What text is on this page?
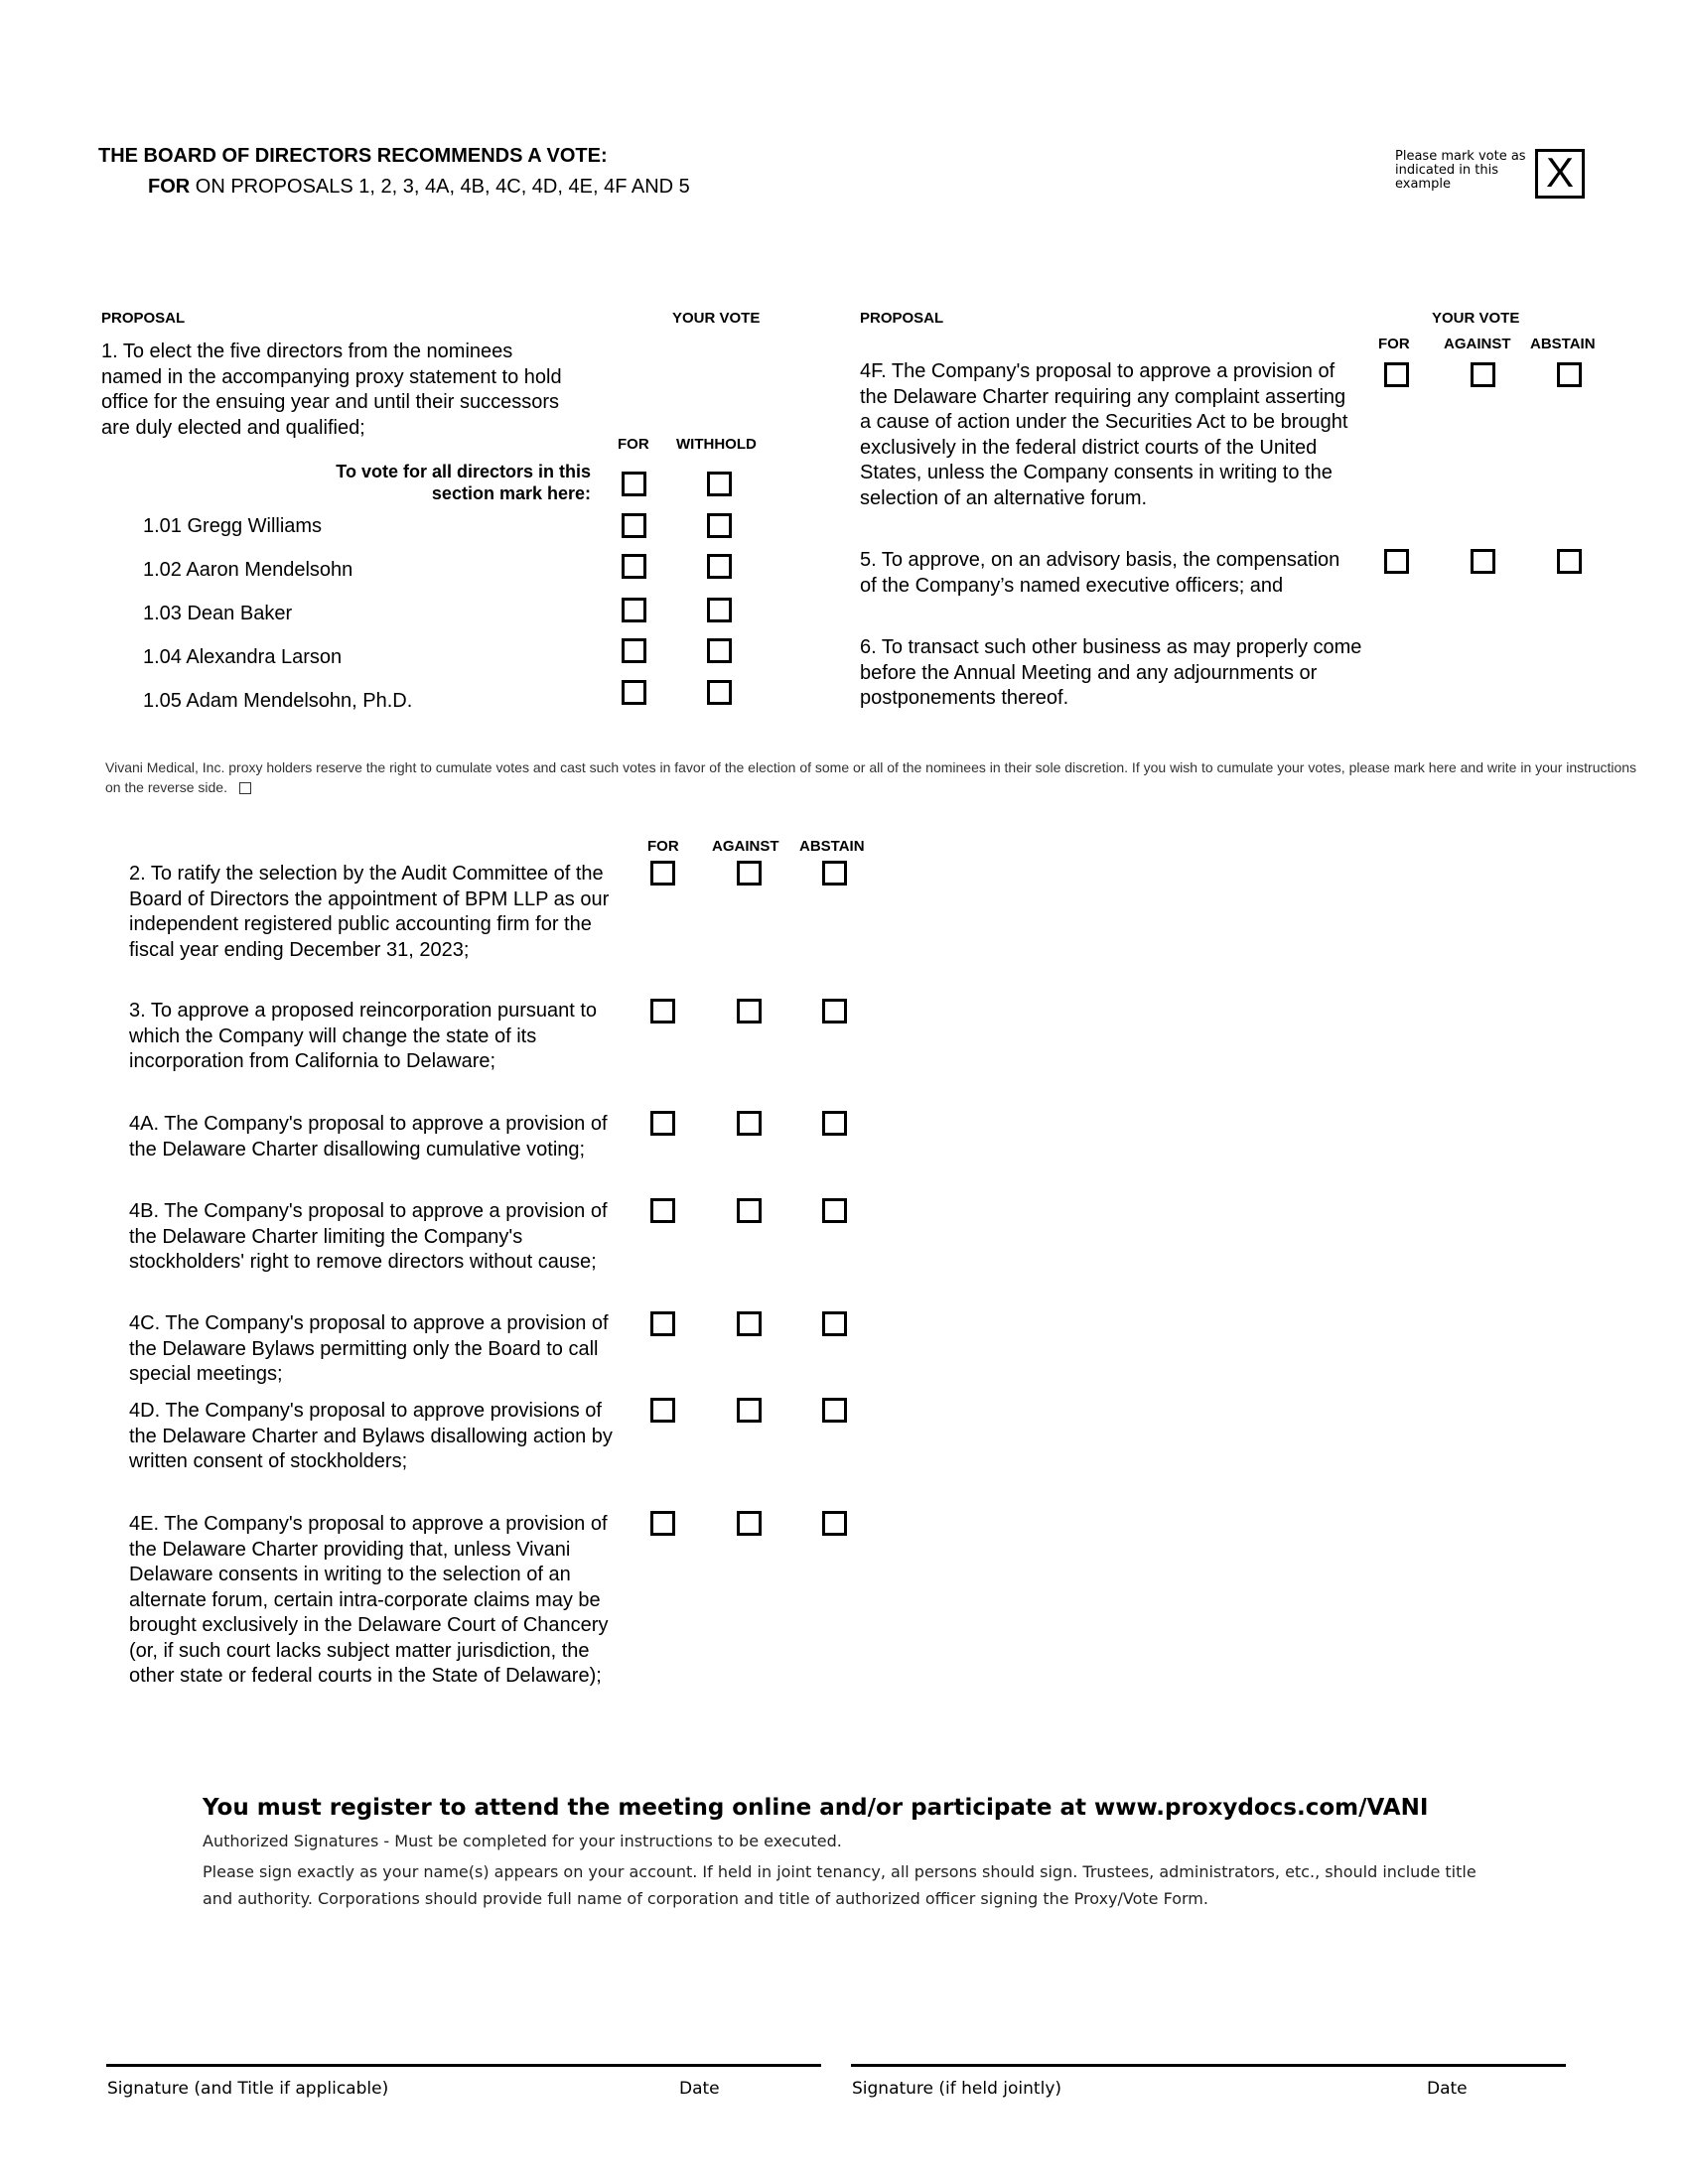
THE BOARD OF DIRECTORS RECOMMENDS A VOTE:
FOR ON PROPOSALS 1, 2, 3, 4A, 4B, 4C, 4D, 4E, 4F AND 5
Please mark vote as indicated in this example	X
PROPOSAL	YOUR VOTE
1. To elect the five directors from the nominees named in the accompanying proxy statement to hold office for the ensuing year and until their successors are duly elected and qualified;
FOR WITHHOLD
To vote for all directors in this section mark here:
1.01 Gregg Williams
1.02 Aaron Mendelsohn
1.03 Dean Baker
1.04 Alexandra Larson
1.05 Adam Mendelsohn, Ph.D.
PROPOSAL	YOUR VOTE
FOR AGAINST ABSTAIN
4F. The Company's proposal to approve a provision of the Delaware Charter requiring any complaint asserting a cause of action under the Securities Act to be brought exclusively in the federal district courts of the United States, unless the Company consents in writing to the selection of an alternative forum.
5. To approve, on an advisory basis, the compensation of the Company’s named executive officers; and
6. To transact such other business as may properly come before the Annual Meeting and any adjournments or postponements thereof.
Vivani Medical, Inc. proxy holders reserve the right to cumulate votes and cast such votes in favor of the election of some or all of the nominees in their sole discretion. If you wish to cumulate your votes, please mark here and write in your instructions on the reverse side.
FOR AGAINST ABSTAIN
2. To ratify the selection by the Audit Committee of the Board of Directors the appointment of BPM LLP as our independent registered public accounting firm for the fiscal year ending December 31, 2023;
3. To approve a proposed reincorporation pursuant to which the Company will change the state of its incorporation from California to Delaware;
4A. The Company's proposal to approve a provision of the Delaware Charter disallowing cumulative voting;
4B. The Company's proposal to approve a provision of the Delaware Charter limiting the Company's stockholders' right to remove directors without cause;
4C. The Company's proposal to approve a provision of the Delaware Bylaws permitting only the Board to call special meetings;
4D. The Company's proposal to approve provisions of the Delaware Charter and Bylaws disallowing action by written consent of stockholders;
4E. The Company's proposal to approve a provision of the Delaware Charter providing that, unless Vivani Delaware consents in writing to the selection of an alternate forum, certain intra-corporate claims may be brought exclusively in the Delaware Court of Chancery (or, if such court lacks subject matter jurisdiction, the other state or federal courts in the State of Delaware);
You must register to attend the meeting online and/or participate at www.proxydocs.com/VANI
Authorized Signatures - Must be completed for your instructions to be executed.
Please sign exactly as your name(s) appears on your account. If held in joint tenancy, all persons should sign. Trustees, administrators, etc., should include title and authority. Corporations should provide full name of corporation and title of authorized officer signing the Proxy/Vote Form.
Signature (and Title if applicable)	Date	Signature (if held jointly)	Date
